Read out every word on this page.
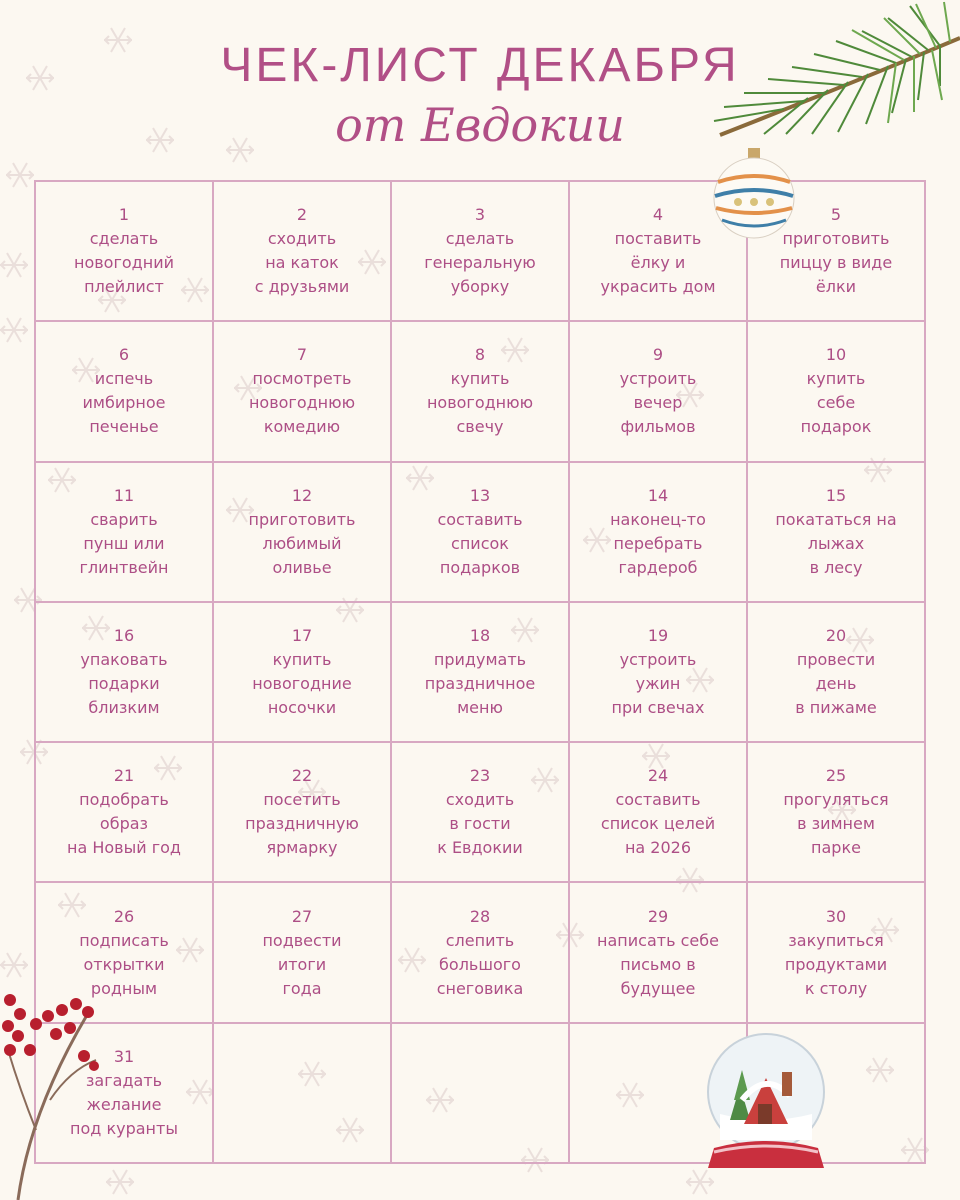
ЧЕК-ЛИСТ ДЕКАБРЯ
от Евдокии
1
сделать
новогодний
плейлист
2
сходить
на каток
с друзьями
3
сделать
генеральную
уборку
4
поставить
ёлку и
украсить дом
5
приготовить
пиццу в виде
ёлки
6
испечь
имбирное
печенье
7
посмотреть
новогоднюю
комедию
8
купить
новогоднюю
свечу
9
устроить
вечер
фильмов
10
купить
себе
подарок
11
сварить
пунш или
глинтвейн
12
приготовить
любимый
оливье
13
составить
список
подарков
14
наконец-то
перебрать
гардероб
15
покататься на
лыжах
в лесу
16
упаковать
подарки
близким
17
купить
новогодние
носочки
18
придумать
праздничное
меню
19
устроить
ужин
при свечах
20
провести
день
в пижаме
21
подобрать
образ
на Новый год
22
посетить
праздничную
ярмарку
23
сходить
в гости
к Евдокии
24
составить
список целей
на 2026
25
прогуляться
в зимнем
парке
26
подписать
открытки
родным
27
подвести
итоги
года
28
слепить
большого
снеговика
29
написать себе
письмо в
будущее
30
закупиться
продуктами
к столу
31
загадать
желание
под куранты
